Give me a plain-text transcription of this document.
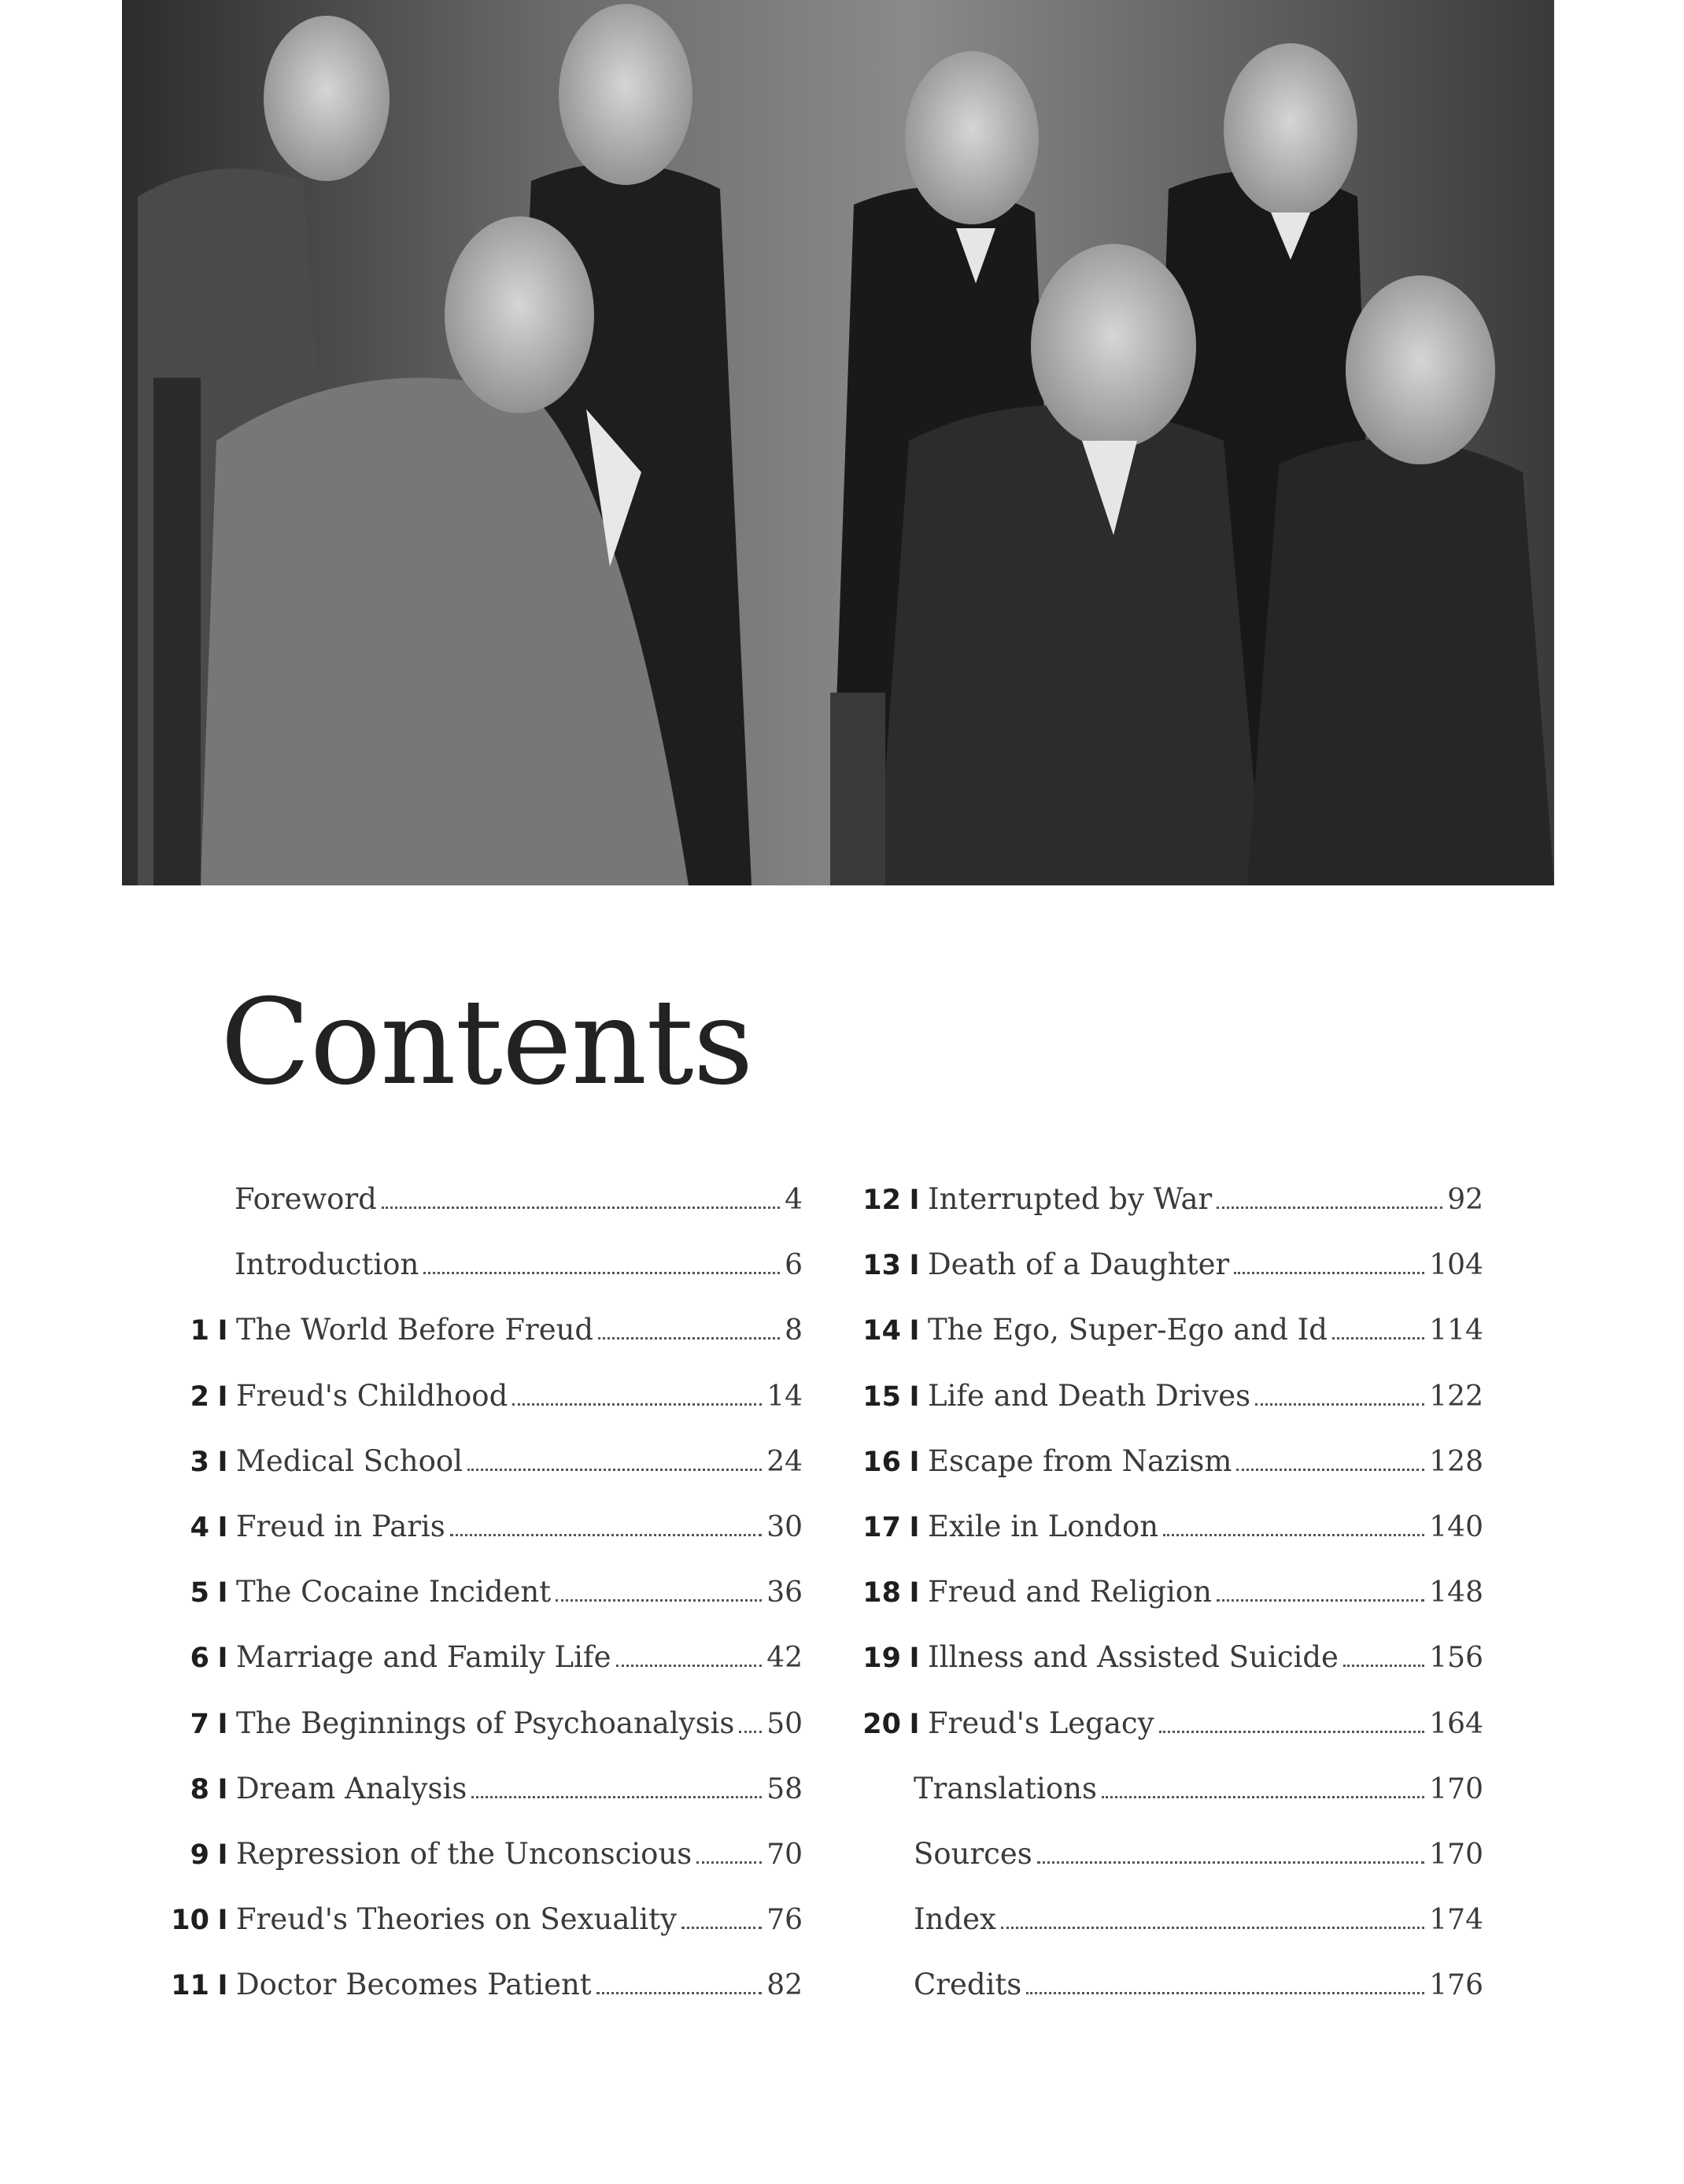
Contents
Foreword	4
Introduction	6
1 I The World Before Freud	8
2 I Freud's Childhood	14
3 I Medical School	24
4 I Freud in Paris	30
5 I The Cocaine Incident	36
6 I Marriage and Family Life	42
7 I The Beginnings of Psychoanalysis 50
8 I Dream Analysis	58
9 I Repression of the Unconscious	70
10 I Freud's Theories on Sexuality	76
11 I Doctor Becomes Patient	82
12 I Interrupted by War	92
13 I Death of a Daughter	104
14 I The Ego, Super-Ego and Id	114
15 I Life and Death Drives	122
16 I Escape from Nazism	128
17 I Exile in London	140
18 I Freud and Religion	148
19 I Illness and Assisted Suicide	156
20 I Freud's Legacy	164
Translations	170
Sources	170
Index	174
Credits	176
